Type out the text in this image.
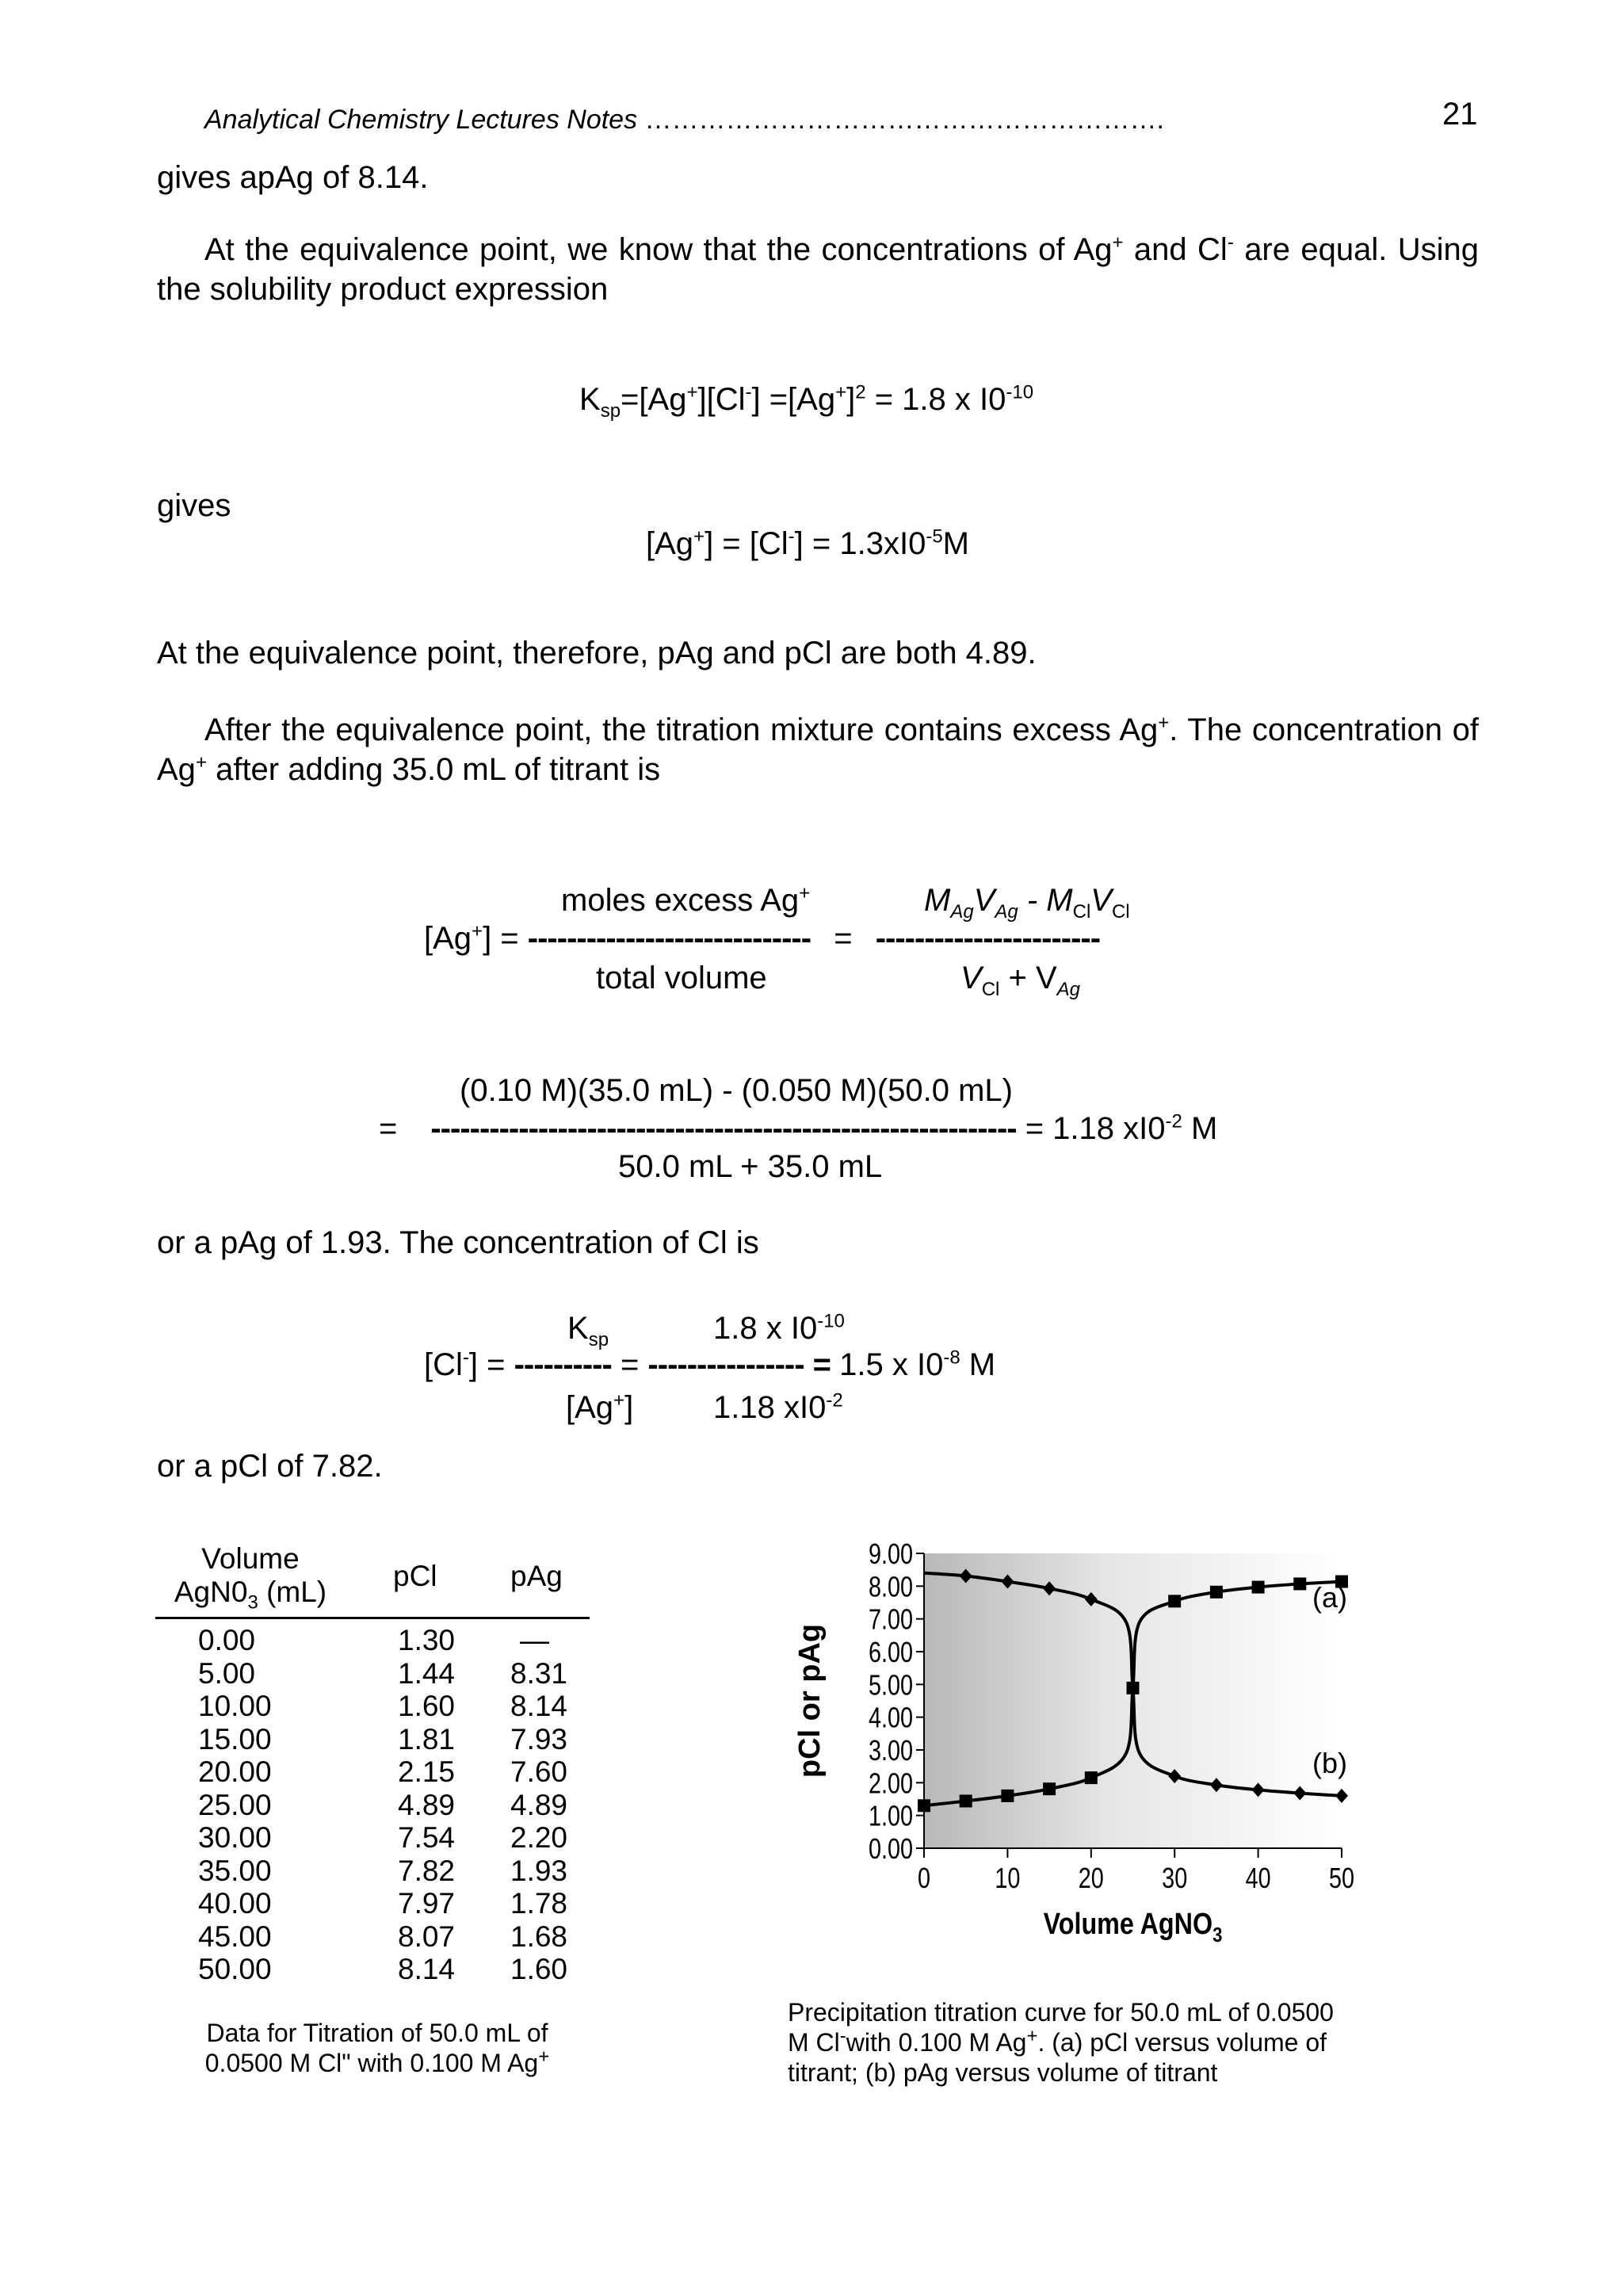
Analytical Chemistry Lectures Notes ………………………………………………….	21
gives apAg of 8.14.
At the equivalence point, we know that the concentrations of Ag+ and Cl- are equal. Using the solubility product expression
$K_{sp}=[Ag^+][Cl^-] =[Ag^+]^2 = 1.8$ x $I0^{-10}$
gives
$[Ag^+] = [Cl^-] = 1.3xI0^{-5}M$
At the equivalence point, therefore, pAg and pCl are both 4.89.
After the equivalence point, the titration mixture contains excess Ag+. The concentration of Ag+ after adding 35.0 mL of titrant is
moles excess Ag+	$M_{Ag}V_{Ag} - M_{Cl}V_{Cl}$
[Ag+] = ----------------------------- = -----------------------
total volume	$V_{Cl} + V_{Ag}$
(0.10 M)(35.0 mL) - (0.050 M)(50.0 mL)
= ------------------------------------------------------------ = 1.18 $xI0^{-2}$ M
50.0 mL + 35.0 mL
or a pAg of 1.93. The concentration of Cl is
$K_{sp}$	1.8 x $I0^{-10}$
[Cl-] = ---------- = ---------------- = 1.5 x $I0^{-8}$ M
[Ag+]	1.18 $xI0^{-2}$
or a pCl of 7.82.
Volume
$AgN0_3$ (mL)	pCl pAg
0.00	1.30 —
5.00	1.44 8.31
10.00	1.60 8.14
15.00	1.81 7.93
20.00	2.15 7.60
25.00	4.89 4.89
30.00	7.54 2.20
35.00	7.82 1.93
40.00	7.97 1.78
45.00	8.07 1.68
50.00	8.14 1.60
Data for Titration of 50.0 mL of
0.0500 M Cl" with 0.100 M Ag+
0.00
1.00
2.00
3.00
4.00
5.00
6.00
7.00
8.00
9.00
0 10 20 30 40 50
pCl or pAg
Volume AgNO$_3$
(a)
(b)
Precipitation titration curve for 50.0 mL of 0.0500
M Cl-with 0.100 M Ag+. (a) pCl versus volume of
titrant; (b) pAg versus volume of titrant
